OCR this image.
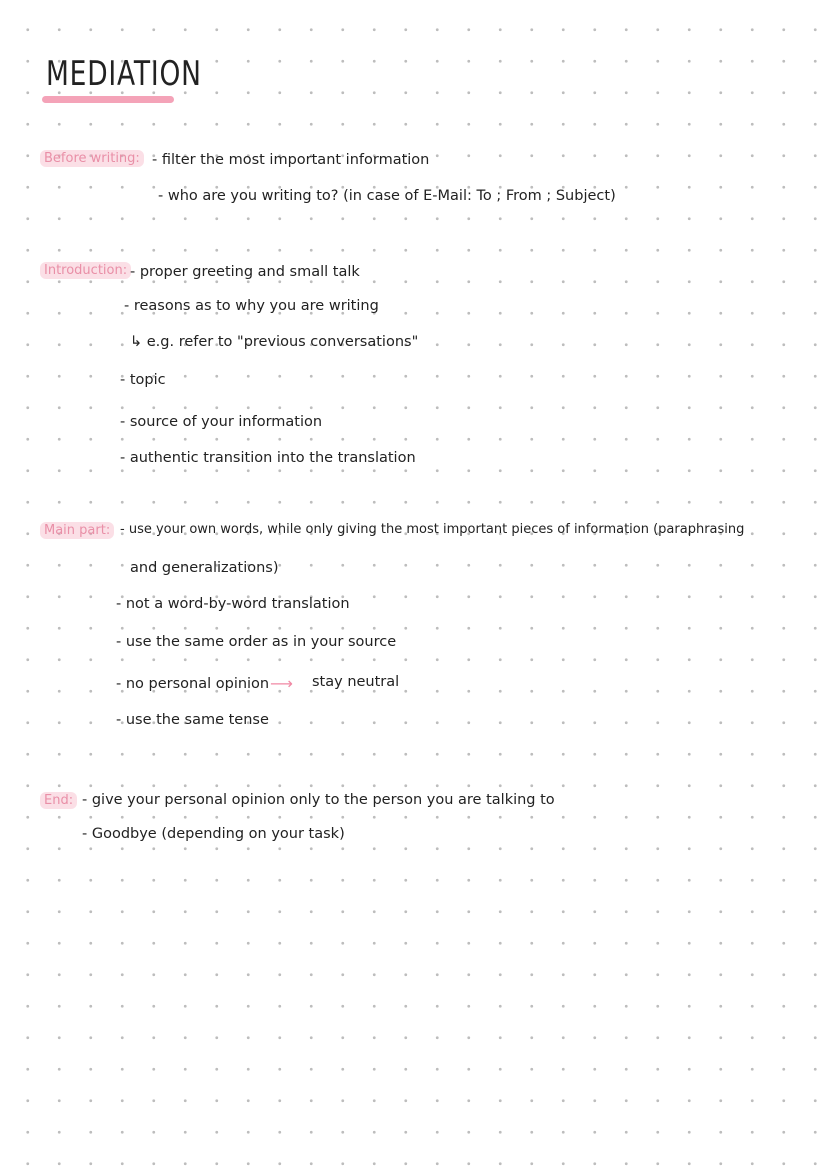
MEDIATION
Before writing: - filter the most important information
- who are you writing to? (in case of E-Mail: To ; From ; Subject)
Introduction: - proper greeting and small talk
- reasons as to why you are writing
↳ e.g. refer to "previous conversations"
- topic
- source of your information
- authentic transition into the translation
Main part: - use your own words, while only giving the most important pieces of information (paraphrasing
and generalizations)
- not a word-by-word translation
- use the same order as in your source
- no personal opinion ⟶ stay neutral
- use the same tense
End: - give your personal opinion only to the person you are talking to
- Goodbye (depending on your task)
